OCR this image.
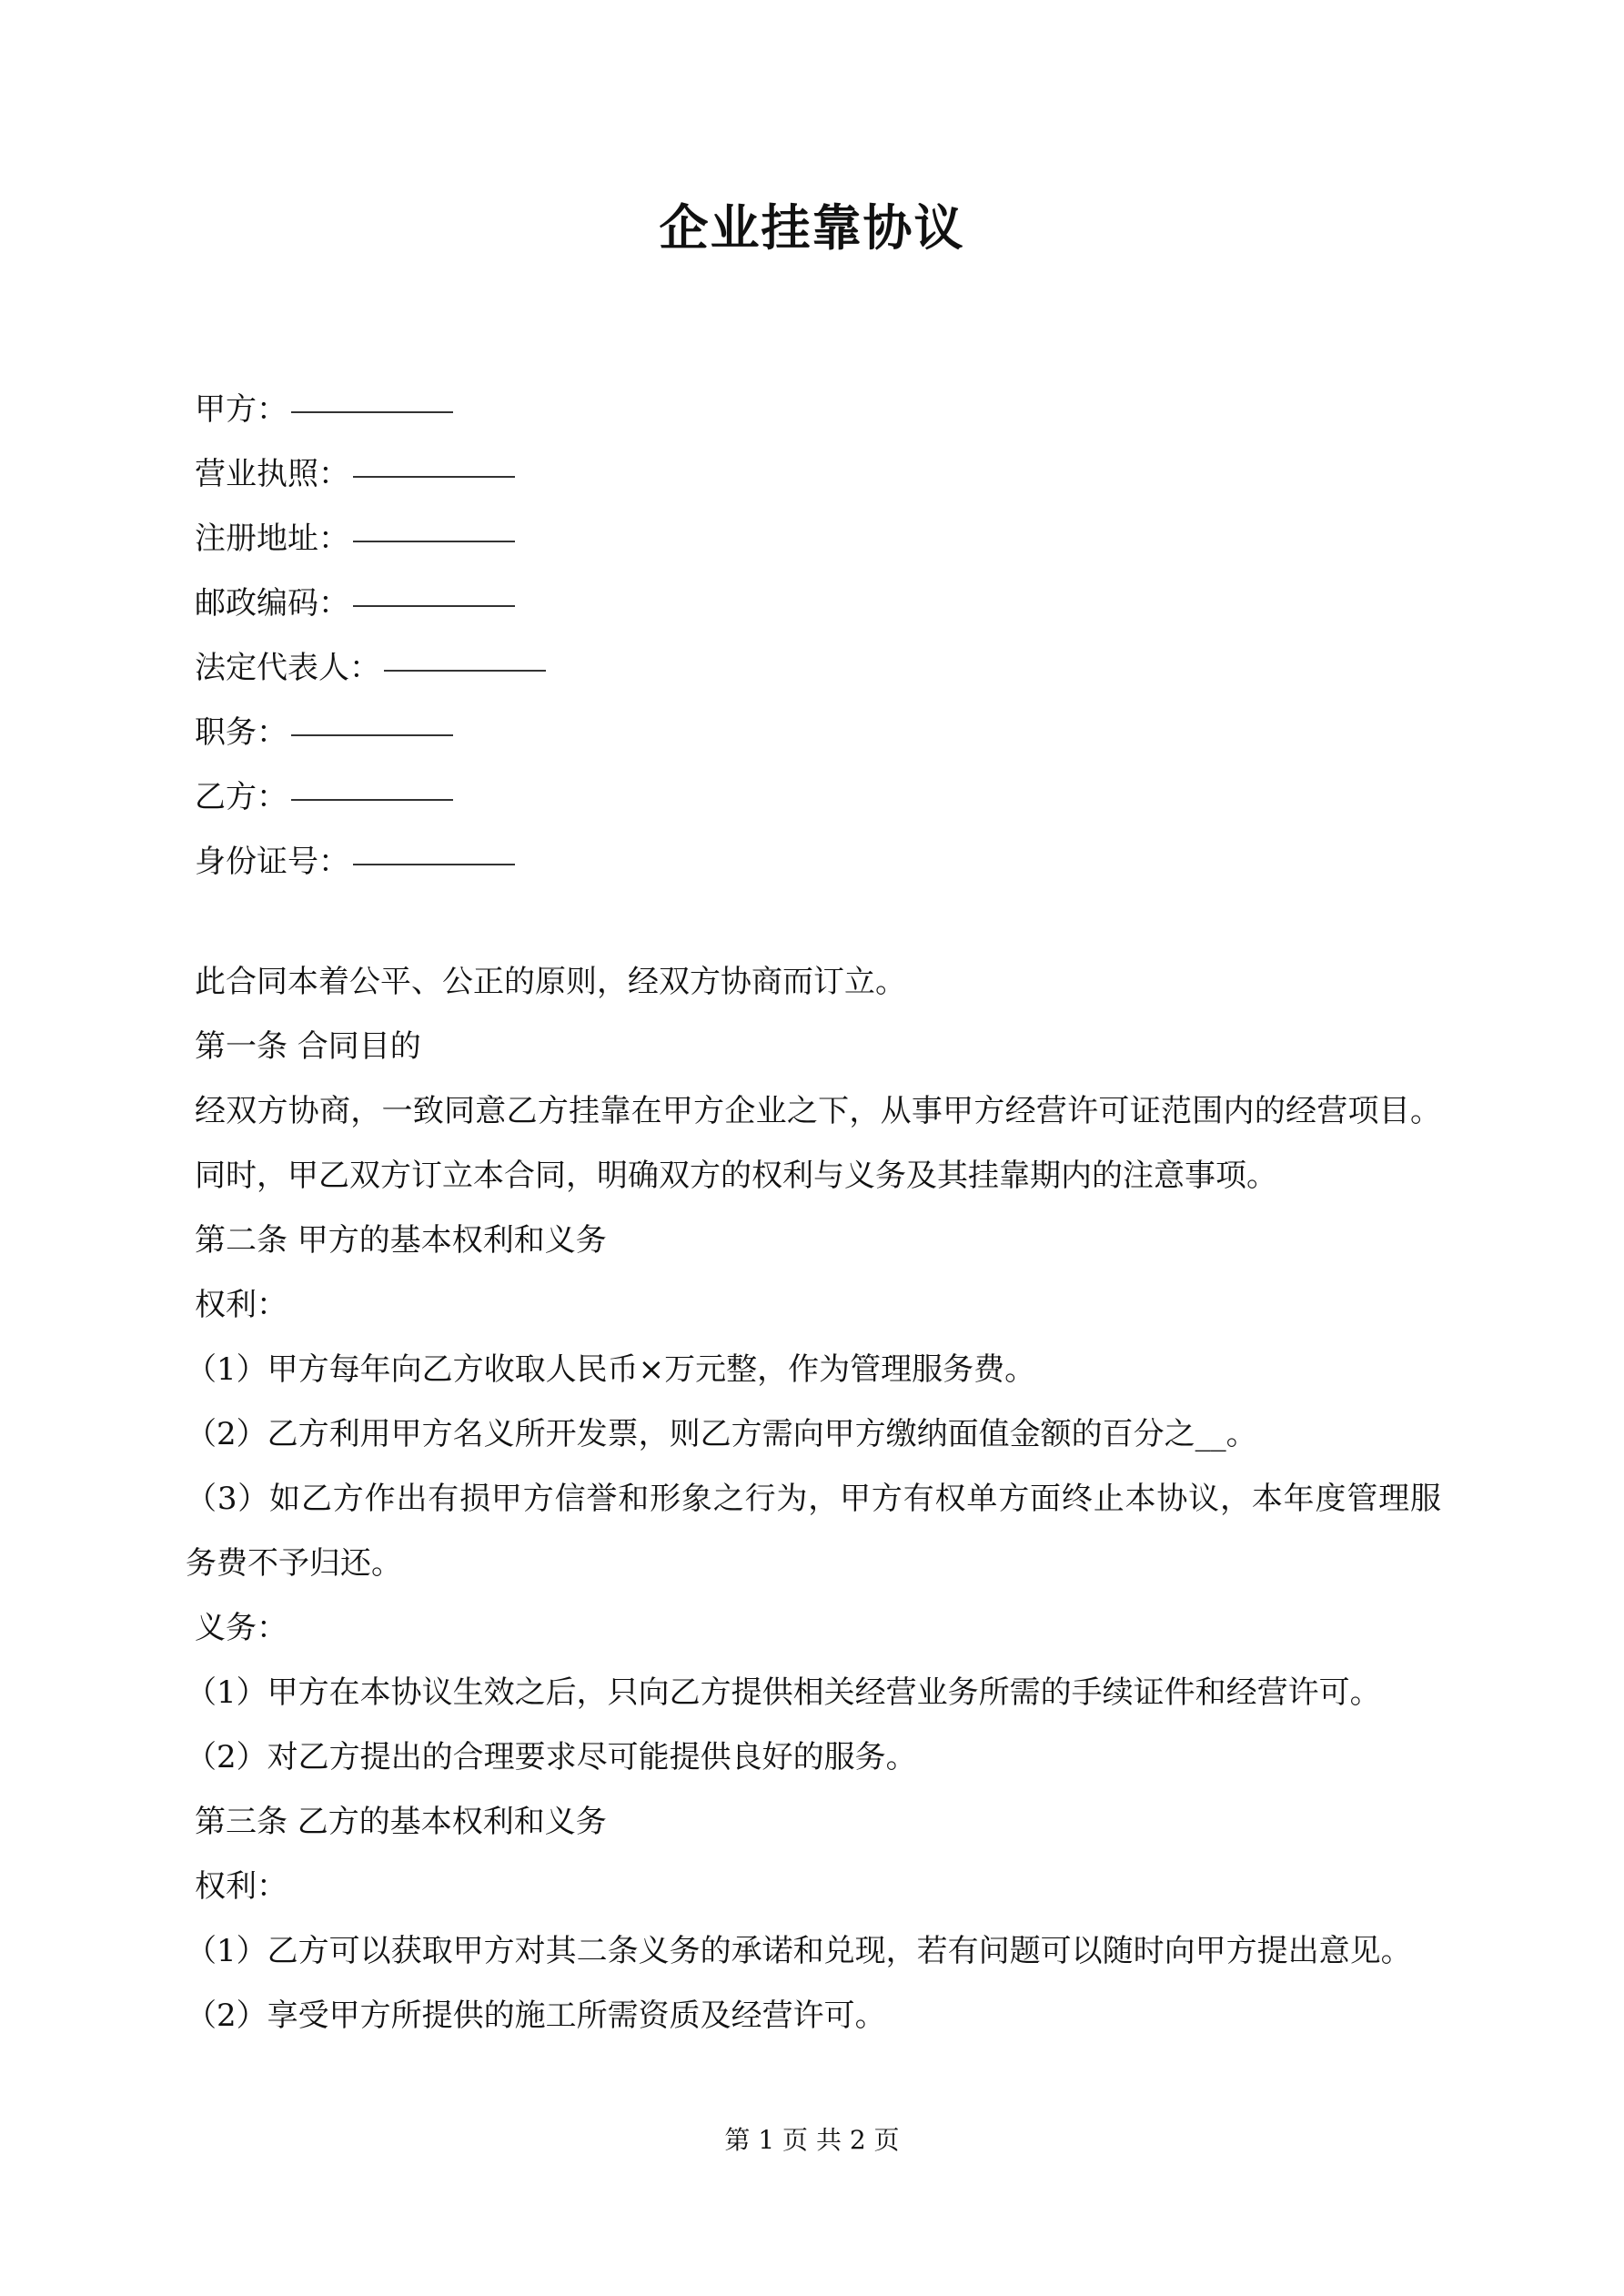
企业挂靠协议
甲方：
营业执照：
注册地址：
邮政编码：
法定代表人：
职务：
乙方：
身份证号：

此合同本着公平、公正的原则，经双方协商而订立。

第一条 合同目的

经双方协商，一致同意乙方挂靠在甲方企业之下，从事甲方经营许可证范围内的经营项目。同时，甲乙双方订立本合同，明确双方的权利与义务及其挂靠期内的注意事项。

第二条 甲方的基本权利和义务

权利：

（1）甲方每年向乙方收取人民币×万元整，作为管理服务费。

（2）乙方利用甲方名义所开发票，则乙方需向甲方缴纳面值金额的百分之__。

（3）如乙方作出有损甲方信誉和形象之行为，甲方有权单方面终止本协议，本年度管理服务费不予归还。

义务：

（1）甲方在本协议生效之后，只向乙方提供相关经营业务所需的手续证件和经营许可。

（2）对乙方提出的合理要求尽可能提供良好的服务。

第三条 乙方的基本权利和义务

权利：

（1）乙方可以获取甲方对其二条义务的承诺和兑现，若有问题可以随时向甲方提出意见。

（2）享受甲方所提供的施工所需资质及经营许可。

第 1 页 共 2 页
